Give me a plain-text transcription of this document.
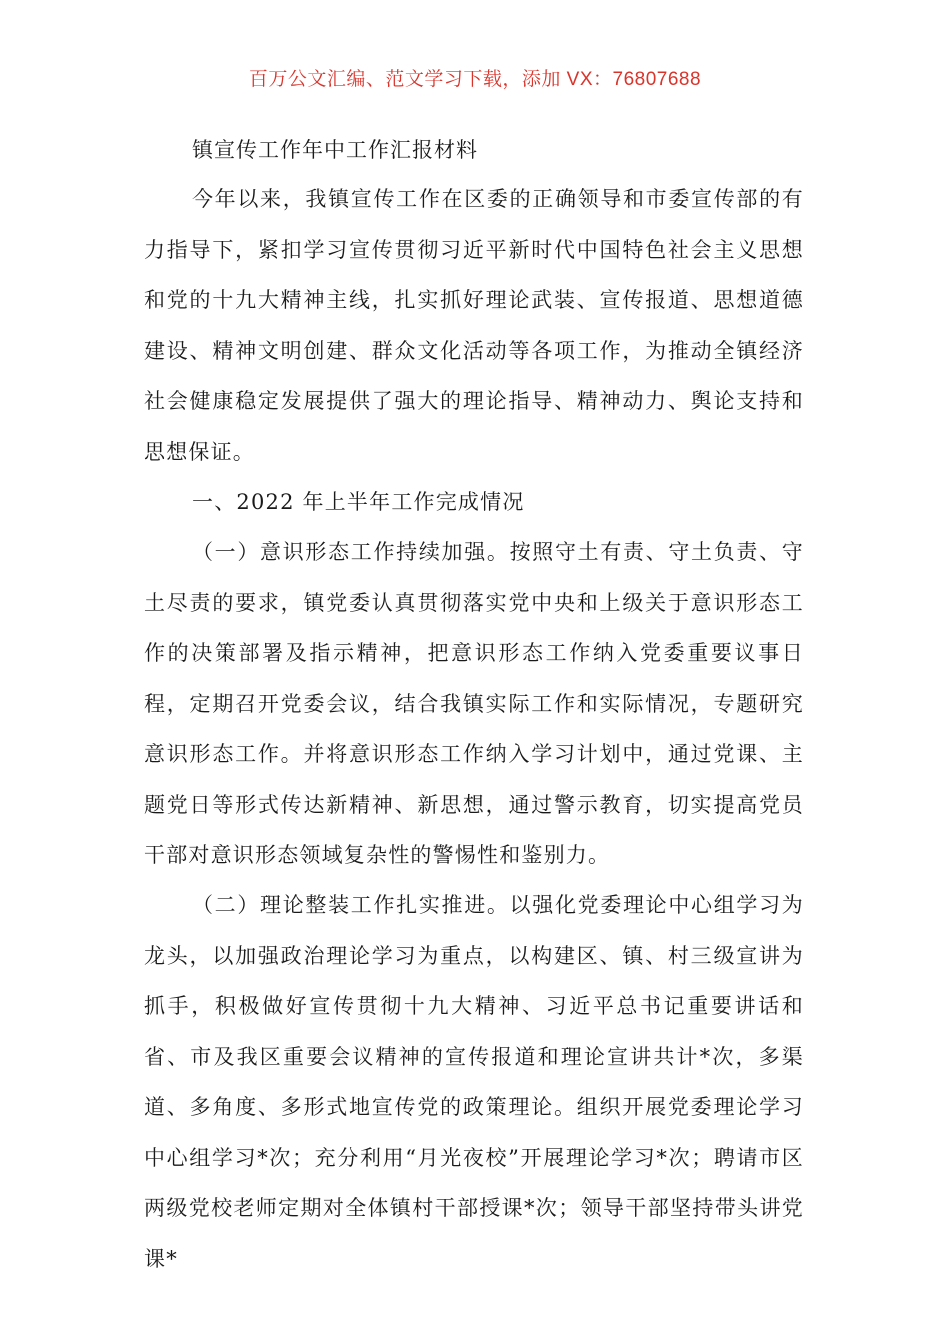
百万公文汇编、范文学习下载，添加 VX：76807688
镇宣传工作年中工作汇报材料

今年以来，我镇宣传工作在区委的正确领导和市委宣传部的有力指导下，紧扣学习宣传贯彻习近平新时代中国特色社会主义思想和党的十九大精神主线，扎实抓好理论武装、宣传报道、思想道德建设、精神文明创建、群众文化活动等各项工作，为推动全镇经济社会健康稳定发展提供了强大的理论指导、精神动力、舆论支持和思想保证。

一、2022 年上半年工作完成情况

（一）意识形态工作持续加强。按照守土有责、守土负责、守土尽责的要求，镇党委认真贯彻落实党中央和上级关于意识形态工作的决策部署及指示精神，把意识形态工作纳入党委重要议事日程，定期召开党委会议，结合我镇实际工作和实际情况，专题研究意识形态工作。并将意识形态工作纳入学习计划中，通过党课、主题党日等形式传达新精神、新思想，通过警示教育，切实提高党员干部对意识形态领域复杂性的警惕性和鉴别力。

（二）理论整装工作扎实推进。以强化党委理论中心组学习为龙头，以加强政治理论学习为重点，以构建区、镇、村三级宣讲为抓手，积极做好宣传贯彻十九大精神、习近平总书记重要讲话和省、市及我区重要会议精神的宣传报道和理论宣讲共计*次，多渠道、多角度、多形式地宣传党的政策理论。组织开展党委理论学习中心组学习*次；充分利用“月光夜校”开展理论学习*次；聘请市区两级党校老师定期对全体镇村干部授课*次；领导干部坚持带头讲党课*
